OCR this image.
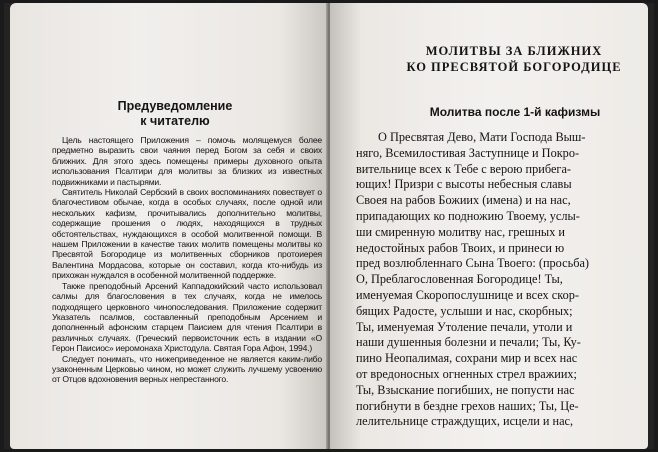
Предуведомление
к читателю

Цель настоящего Приложения – помочь молящемуся более предметно выразить свои чаяния перед Богом за себя и своих ближних. Для этого здесь помещены примеры духовного опыта использования Псалтири для молитвы за близких из известных подвижниками и пастырями.

Святитель Николай Сербский в своих воспоминаниях повествует о благочестивом обычае, когда в особых случаях, после одной или нескольких кафизм, прочитывались дополнительно молитвы, содержащие прошения о людях, находящихся в трудных обстоятельствах, нуждающихся в особой молитвенной помощи. В нашем Приложении в качестве таких молитв помещены молитвы ко Пресвятой Богородице из молитвенных сборников протоиерея Валентина Мордасова, которые он составил, когда кто-нибудь из прихожан нуждался в особенной молитвенной поддержке.

Также преподобный Арсений Каппадокийский часто использовал салмы для благословения в тех случаях, когда не имелось подходящего церковного чинопоследования. Приложение содержит Указатель псалмов, составленный преподобным Арсением и дополненный афонским старцем Паисием для чтения Псалтири в различных случаях. (Греческий первоисточник есть в издании «О Герон Паисиос» иеромонаха Христодула. Святая Гора Афон, 1994.)

Следует понимать, что нижеприведенное не является каким-либо узаконенным Церковью чином, но может служить лучшему усвоению от Отцов вдохновения верных непрестанного.

МОЛИТВЫ ЗА БЛИЖНИХ
КО ПРЕСВЯТОЙ БОГОРОДИЦЕ
Молитва после 1-й кафизмы
О Пресвятая Дево, Мати Господа Выш-
няго, Всемилостивая Заступнице и Покро-
вительнице всех к Тебе с верою прибега-
ющих! Призри с высоты небесныя славы
Своея на рабов Божиих (имена) и на нас,
припадающих ко подножию Твоему, услы-
ши смиренную молитву нас, грешных и
недостойных рабов Твоих, и принеси ю
пред возлюбленнаго Сына Твоего: (просьба)
О, Преблагословенная Богородице! Ты,
именуемая Скоропослушнице и всех скор-
бящих Радосте, услыши и нас, скорбных;
Ты, именуемая Утоление печали, утоли и
наши душенныя болезни и печали; Ты, Ку-
пино Неопалимая, сохрани мир и всех нас
от вредоносных огненных стрел вражиих;
Ты, Взыскание погибших, не попусти нас
погибнути в бездне грехов наших; Ты, Це-
лелительнице страждущих, исцели и нас,
